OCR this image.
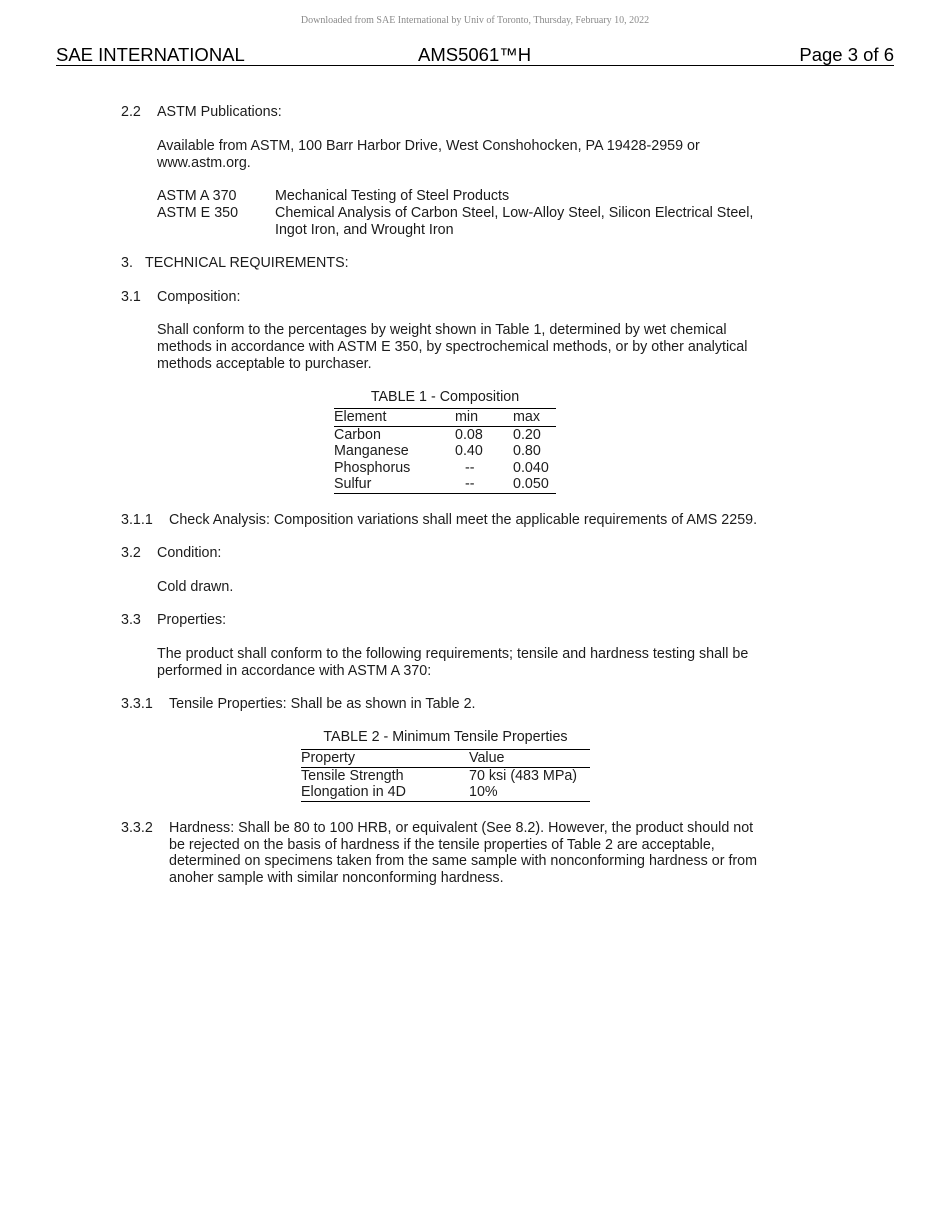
Downloaded from SAE International by Univ of Toronto, Thursday, February 10, 2022
SAE INTERNATIONAL	AMS5061™H	Page 3 of 6
2.2 ASTM Publications:
Available from ASTM, 100 Barr Harbor Drive, West Conshohocken, PA 19428-2959 or
www.astm.org.
ASTM A 370	Mechanical Testing of Steel Products
ASTM E 350	Chemical Analysis of Carbon Steel, Low-Alloy Steel, Silicon Electrical Steel,
Ingot Iron, and Wrought Iron
3. TECHNICAL REQUIREMENTS:
3.1 Composition:
Shall conform to the percentages by weight shown in Table 1, determined by wet chemical
methods in accordance with ASTM E 350, by spectrochemical methods, or by other analytical
methods acceptable to purchaser.
TABLE 1 - Composition
Element	min	max
Carbon	0.08	0.20
Manganese	0.40	0.80
Phosphorus	--	0.040
Sulfur	--	0.050
3.1.1 Check Analysis: Composition variations shall meet the applicable requirements of AMS 2259.
3.2 Condition:
Cold drawn.
3.3 Properties:
The product shall conform to the following requirements; tensile and hardness testing shall be
performed in accordance with ASTM A 370:
3.3.1 Tensile Properties: Shall be as shown in Table 2.
TABLE 2 - Minimum Tensile Properties
Property	Value
Tensile Strength	70 ksi (483 MPa)
Elongation in 4D	10%
3.3.2 Hardness: Shall be 80 to 100 HRB, or equivalent (See 8.2). However, the product should not
be rejected on the basis of hardness if the tensile properties of Table 2 are acceptable,
determined on specimens taken from the same sample with nonconforming hardness or from
anoher sample with similar nonconforming hardness.
